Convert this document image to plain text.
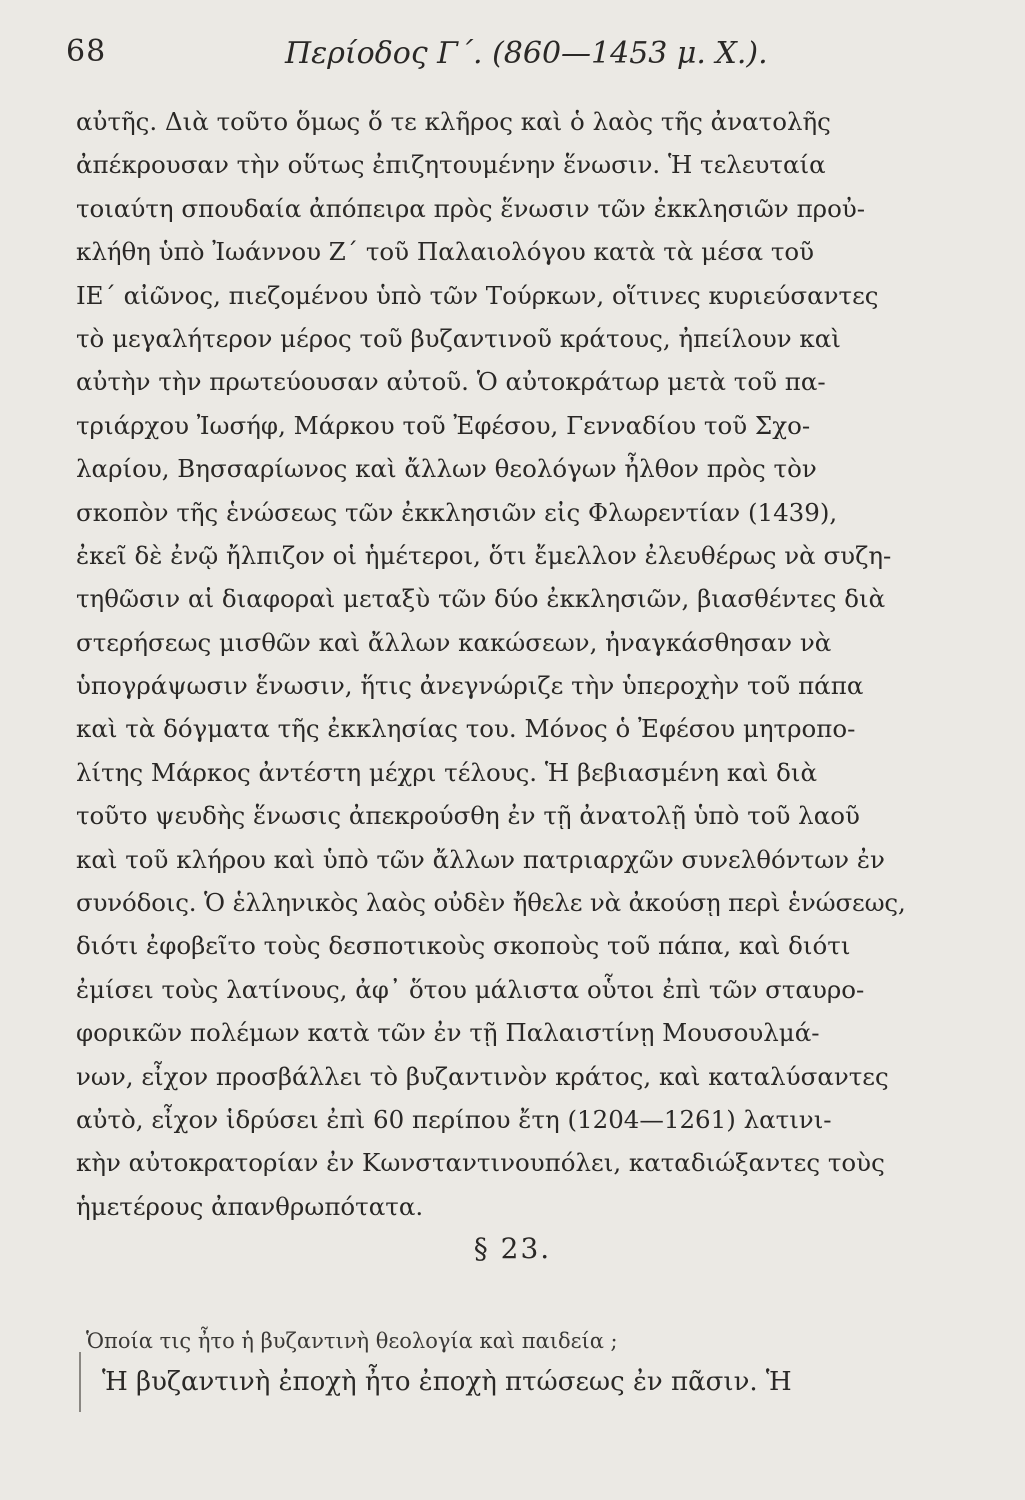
68	Περίοδος Γ΄. (860—1453 μ. Χ.).
αὐτῆς. Διὰ τοῦτο ὅμως ὅ τε κλῆρος καὶ ὁ λαὸς τῆς ἀνατολῆς
ἀπέκρουσαν τὴν οὕτως ἐπιζητουμένην ἕνωσιν. Ἡ τελευταία
τοιαύτη σπουδαία ἀπόπειρα πρὸς ἕνωσιν τῶν ἐκκλησιῶν προὐ-
κλήθη ὑπὸ Ἰωάννου Ζ΄ τοῦ Παλαιολόγου κατὰ τὰ μέσα τοῦ
ΙΕ΄ αἰῶνος, πιεζομένου ὑπὸ τῶν Τούρκων, οἵτινες κυριεύσαντες
τὸ μεγαλήτερον μέρος τοῦ βυζαντινοῦ κράτους, ἠπείλουν καὶ
αὐτὴν τὴν πρωτεύουσαν αὐτοῦ. Ὁ αὐτοκράτωρ μετὰ τοῦ πα-
τριάρχου Ἰωσήφ, Μάρκου τοῦ Ἐφέσου, Γενναδίου τοῦ Σχο-
λαρίου, Βησσαρίωνος καὶ ἄλλων θεολόγων ἦλθον πρὸς τὸν
σκοπὸν τῆς ἑνώσεως τῶν ἐκκλησιῶν εἰς Φλωρεντίαν (1439),
ἐκεῖ δὲ ἐνῷ ἤλπιζον οἱ ἡμέτεροι, ὅτι ἔμελλον ἐλευθέρως νὰ συζη-
τηθῶσιν αἱ διαφοραὶ μεταξὺ τῶν δύο ἐκκλησιῶν, βιασθέντες διὰ
στερήσεως μισθῶν καὶ ἄλλων κακώσεων, ἠναγκάσθησαν νὰ
ὑπογράψωσιν ἕνωσιν, ἥτις ἀνεγνώριζε τὴν ὑπεροχὴν τοῦ πάπα
καὶ τὰ δόγματα τῆς ἐκκλησίας του. Μόνος ὁ Ἐφέσου μητροπο-
λίτης Μάρκος ἀντέστη μέχρι τέλους. Ἡ βεβιασμένη καὶ διὰ
τοῦτο ψευδὴς ἕνωσις ἀπεκρούσθη ἐν τῇ ἀνατολῇ ὑπὸ τοῦ λαοῦ
καὶ τοῦ κλήρου καὶ ὑπὸ τῶν ἄλλων πατριαρχῶν συνελθόντων ἐν
συνόδοις. Ὁ ἑλληνικὸς λαὸς οὐδὲν ἤθελε νὰ ἀκούσῃ περὶ ἑνώσεως,
διότι ἐφοβεῖτο τοὺς δεσποτικοὺς σκοποὺς τοῦ πάπα, καὶ διότι
ἐμίσει τοὺς λατίνους, ἀφ᾽ ὅτου μάλιστα οὗτοι ἐπὶ τῶν σταυρο-
φορικῶν πολέμων κατὰ τῶν ἐν τῇ Παλαιστίνῃ Μουσουλμά-
νων, εἶχον προσβάλλει τὸ βυζαντινὸν κράτος, καὶ καταλύσαντες
αὐτὸ, εἶχον ἱδρύσει ἐπὶ 60 περίπου ἔτη (1204—1261) λατινι-
κὴν αὐτοκρατορίαν ἐν Κωνσταντινουπόλει, καταδιώξαντες τοὺς
ἡμετέρους ἀπανθρωπότατα.
§ 23.
Ὁποία τις ἦτο ἡ βυζαντινὴ θεολογία καὶ παιδεία ;
Ἡ βυζαντινὴ ἐποχὴ ἦτο ἐποχὴ πτώσεως ἐν πᾶσιν. Ἡ
